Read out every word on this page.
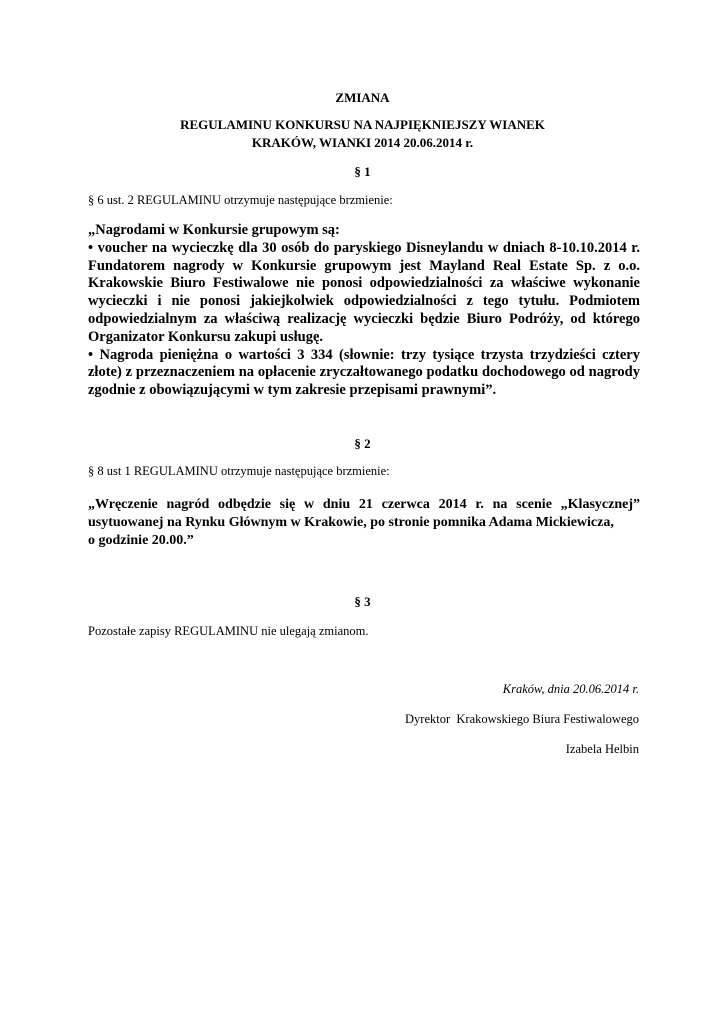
ZMIANA
REGULAMINU KONKURSU NA NAJPIĘKNIEJSZY WIANEK
KRAKÓW, WIANKI 2014 20.06.2014 r.
§ 1
§ 6 ust. 2 REGULAMINU otrzymuje następujące brzmienie:

„Nagrodami w Konkursie grupowym są:

• voucher na wycieczkę dla 30 osób do paryskiego Disneylandu w dniach 8-10.10.2014 r. Fundatorem nagrody w Konkursie grupowym jest Mayland Real Estate Sp. z o.o. Krakowskie Biuro Festiwalowe nie ponosi odpowiedzialności za właściwe wykonanie wycieczki i nie ponosi jakiejkolwiek odpowiedzialności z tego tytułu. Podmiotem odpowiedzialnym za właściwą realizację wycieczki będzie Biuro Podróży, od którego Organizator Konkursu zakupi usługę.

• Nagroda pieniężna o wartości 3 334 (słownie: trzy tysiące trzysta trzydzieści cztery złote) z przeznaczeniem na opłacenie zryczałtowanego podatku dochodowego od nagrody zgodnie z obowiązującymi w tym zakresie przepisami prawnymi”.

§ 2
§ 8 ust 1 REGULAMINU otrzymuje następujące brzmienie:

„Wręczenie nagród odbędzie się w dniu 21 czerwca 2014 r. na scenie „Klasycznej” usytuowanej na Rynku Głównym w Krakowie, po stronie pomnika Adama Mickiewicza,

o godzinie 20.00.”

§ 3
Pozostałe zapisy REGULAMINU nie ulegają zmianom.
Kraków, dnia 20.06.2014 r.
Dyrektor  Krakowskiego Biura Festiwalowego
Izabela Helbin
